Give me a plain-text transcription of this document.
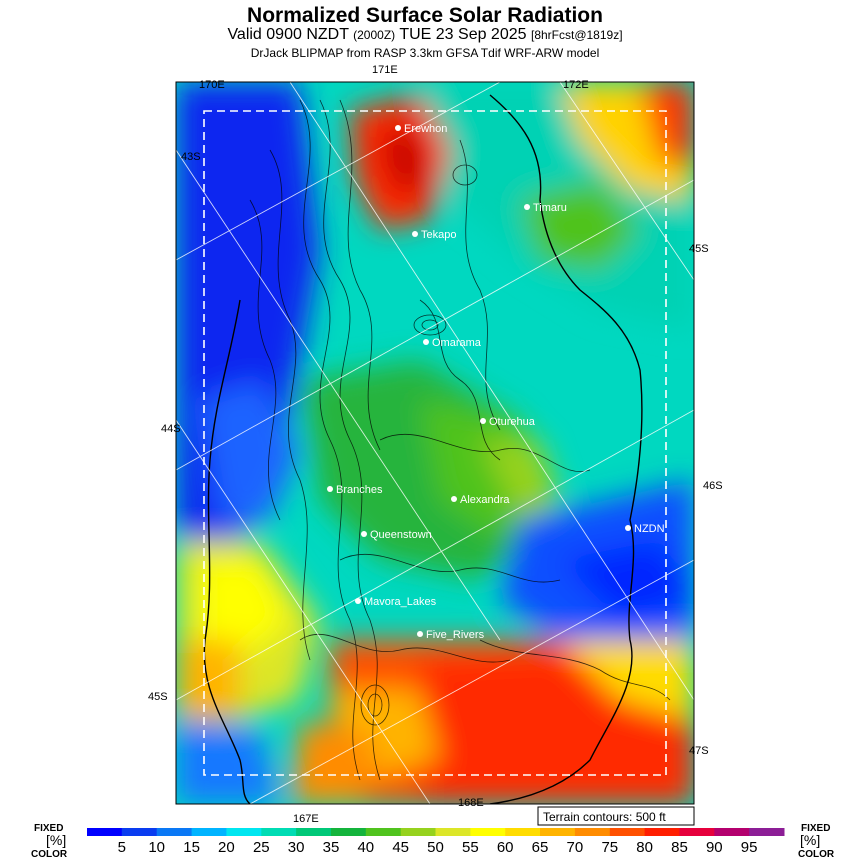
Normalized Surface Solar Radiation
Valid 0900 NZDT (2000Z) TUE 23 Sep 2025 [8hrFcst@1819z]
DrJack BLIPMAP from RASP 3.3km GFSA Tdif WRF-ARW model
170E
171E
172E
167E
168E
43S
44S
45S
45S
46S
47S
Erewhon
Timaru
Tekapo
Omarama
Oturehua
Branches
Alexandra
NZDN
Queenstown
Mavora_Lakes
Five_Rivers
Terrain contours: 500 ft
5 10 15 20 25 30 35 40 45 50 55 60 65 70 75 80 85 90 95
FIXED
[%]
COLOR
FIXED
[%]
COLOR
